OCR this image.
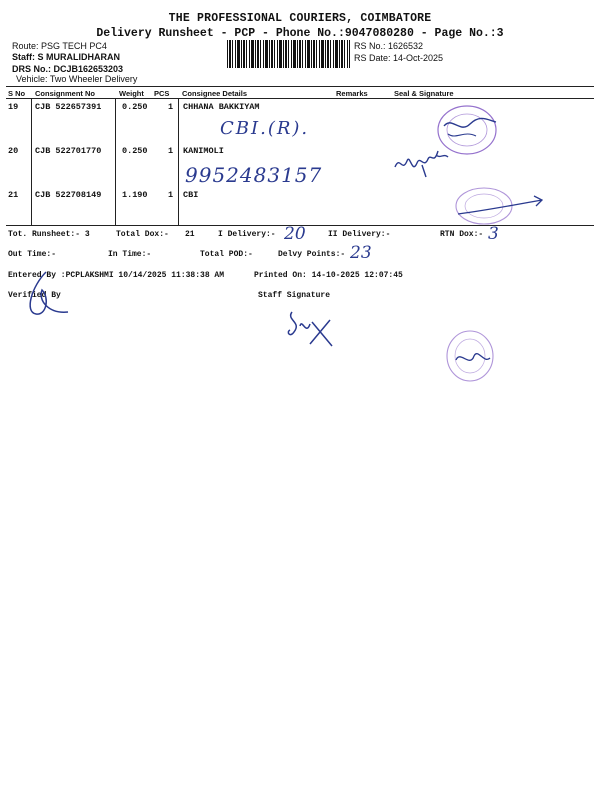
THE PROFESSIONAL COURIERS, COIMBATORE
Delivery Runsheet - PCP - Phone No.:9047080280 - Page No.:3
Route: PSG TECH PC4
Staff: S MURALIDHARAN
DRS No.: DCJB162653203
Vehicle: Two Wheeler Delivery
RS No.: 1626532
RS Date: 14-Oct-2025
S No Consignment No	Weight PCS Consignee Details	Remarks	Seal & Signature
19 CJB 522657391 0.250 1 CHHANA BAKKIYAM
CBI.(R).
20 CJB 522701770 0.250 1 KANIMOLI
9952483157
21 CJB 522708149 1.190 1 CBI
Tot. Runsheet:- 3	Total Dox:- 21	I Delivery:- 20	II Delivery:-	RTN Dox:- 3
Out Time:-	In Time:-	Total POD:-	Delvy Points:- 23
Entered By :PCPLAKSHMI 10/14/2025 11:38:38 AM	Printed On: 14-10-2025 12:07:45
Verified By	Staff Signature
